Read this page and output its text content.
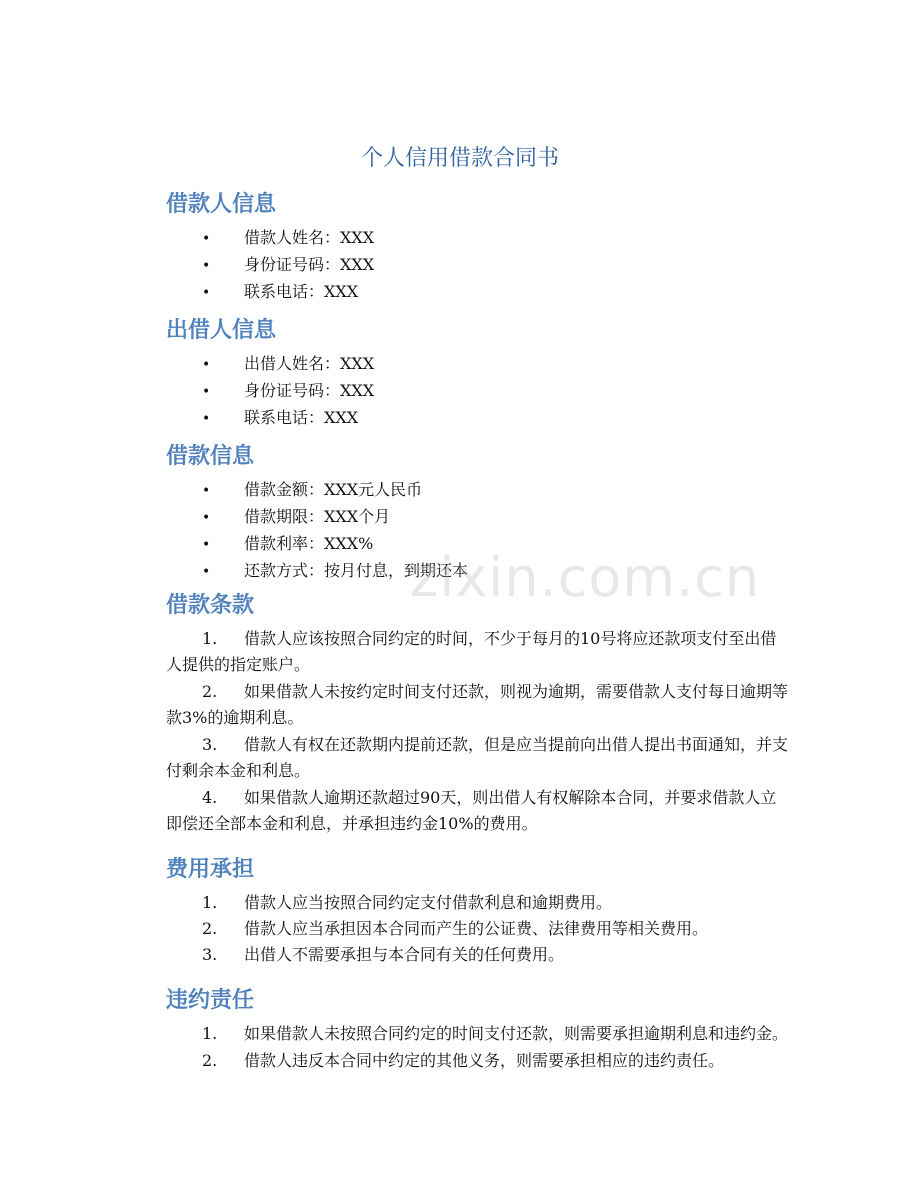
个人信用借款合同书
借款人信息
•	借款人姓名：XXX
•	身份证号码：XXX
•	联系电话：XXX
出借人信息
•	出借人姓名：XXX
•	身份证号码：XXX
•	联系电话：XXX
借款信息
•	借款金额：XXX元人民币
•	借款期限：XXX个月
•	借款利率：XXX%
•	还款方式：按月付息，到期还本
借款条款
1. 借款人应该按照合同约定的时间，不少于每月的10号将应还款项支付至出借人提供的指定账户。
2. 如果借款人未按约定时间支付还款，则视为逾期，需要借款人支付每日逾期等款3%的逾期利息。
3. 借款人有权在还款期内提前还款，但是应当提前向出借人提出书面通知，并支付剩余本金和利息。
4. 如果借款人逾期还款超过90天，则出借人有权解除本合同，并要求借款人立即偿还全部本金和利息，并承担违约金10%的费用。
费用承担
1. 借款人应当按照合同约定支付借款利息和逾期费用。
2. 借款人应当承担因本合同而产生的公证费、法律费用等相关费用。
3. 出借人不需要承担与本合同有关的任何费用。
违约责任
1. 如果借款人未按照合同约定的时间支付还款，则需要承担逾期利息和违约金。
2. 借款人违反本合同中约定的其他义务，则需要承担相应的违约责任。
zixin.com.cn
